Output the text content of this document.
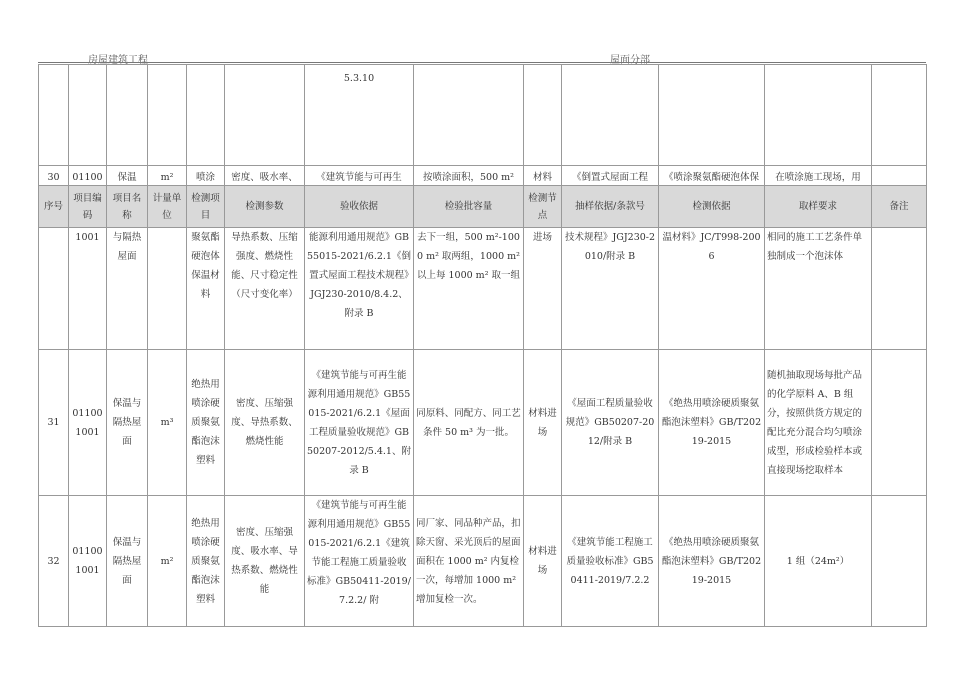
房屋建筑工程	屋面分部
						5.3.10						
30	01100	保温	m²	喷涂	密度、吸水率、	《建筑节能与可再生	按喷涂面积，500 m²	材料	《倒置式屋面工程	《喷涂聚氨酯硬泡体保	在喷涂施工现场，用	
序号	项目编码	项目名称	计量单位	检测项目	检测参数	验收依据	检验批容量	检测节点	抽样依据/条款号	检测依据	取样要求	备注
	1001	与隔热屋面		聚氨酯硬泡体保温材料	导热系数、压缩强度、燃烧性能、尺寸稳定性（尺寸变化率）	能源利用通用规范》GB55015-2021/6.2.1《倒置式屋面工程技术规程》JGJ230-2010/8.4.2、附录 B	去下一组，500 m²-1000 m² 取两组，1000 m² 以上每 1000 m² 取一组	进场	技术规程》JGJ230-2010/附录 B	温材料》JC/T998-2006	相同的施工工艺条件单独制成一个泡沫体	
31	01100 1001	保温与隔热屋面	m³	绝热用喷涂硬质聚氨酯泡沫塑料	密度、压缩强度、导热系数、燃烧性能	《建筑节能与可再生能源利用通用规范》GB55015-2021/6.2.1《屋面工程质量验收规范》GB50207-2012/5.4.1、附录 B	同原料、同配方、同工艺条件 50 m³ 为一批。	材料进场	《屋面工程质量验收规范》GB50207-2012/附录 B	《绝热用喷涂硬质聚氨酯泡沫塑料》GB/T20219-2015	随机抽取现场每批产品的化学原料 A、B 组分，按照供货方规定的配比充分混合均匀喷涂成型，形成检验样本或直接现场挖取样本	
32	01100 1001	保温与隔热屋面	m²	绝热用喷涂硬质聚氨酯泡沫塑料	密度、压缩强度、吸水率、导热系数、燃烧性能	《建筑节能与可再生能源利用通用规范》GB55015-2021/6.2.1《建筑节能工程施工质量验收标准》GB50411-2019/7.2.2/ 附	同厂家、同品种产品，扣除天窗、采光顶后的屋面面积在 1000 m² 内复检一次，每增加 1000 m² 增加复检一次。	材料进场	《建筑节能工程施工质量验收标准》GB50411-2019/7.2.2	《绝热用喷涂硬质聚氨酯泡沫塑料》GB/T20219-2015	1 组（24m²）	
